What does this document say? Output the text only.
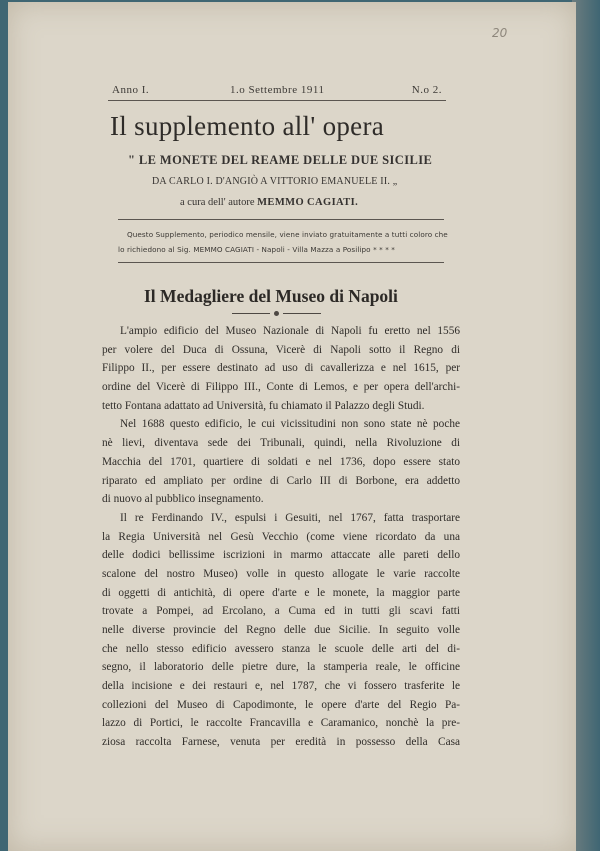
20
Anno I.	1.o Settembre 1911	N.o 2.
Il supplemento all' opera

" LE MONETE DEL REAME DELLE DUE SICILIE

DA CARLO I. D'ANGIÒ A VITTORIO EMANUELE II. „

a cura dell' autore MEMMO CAGIATI.

Questo Supplemento, periodico mensile, viene inviato gratuitamente a tutti coloro che

lo richiedono al Sig. MEMMO CAGIATI - Napoli - Villa Mazza a Posilipo * * * *

Il Medagliere del Museo di Napoli
L'ampio edificio del Museo Nazionale di Napoli fu eretto nel 1556
per volere del Duca di Ossuna, Vicerè di Napoli sotto il Regno di
Filippo II., per essere destinato ad uso di cavallerizza e nel 1615, per
ordine del Vicerè di Filippo III., Conte di Lemos, e per opera dell'archi-
tetto Fontana adattato ad Università, fu chiamato il Palazzo degli Studi.
Nel 1688 questo edificio, le cui vicissitudini non sono state nè poche
nè lievi, diventava sede dei Tribunali, quindi, nella Rivoluzione di
Macchia del 1701, quartiere di soldati e nel 1736, dopo essere stato
riparato ed ampliato per ordine di Carlo III di Borbone, era addetto
di nuovo al pubblico insegnamento.
Il re Ferdinando IV., espulsi i Gesuiti, nel 1767, fatta trasportare
la Regia Università nel Gesù Vecchio (come viene ricordato da una
delle dodici bellissime iscrizioni in marmo attaccate alle pareti dello
scalone del nostro Museo) volle in questo allogate le varie raccolte
di oggetti di antichità, di opere d'arte e le monete, la maggior parte
trovate a Pompei, ad Ercolano, a Cuma ed in tutti gli scavi fatti
nelle diverse provincie del Regno delle due Sicilie. In seguito volle
che nello stesso edificio avessero stanza le scuole delle arti del di-
segno, il laboratorio delle pietre dure, la stamperia reale, le officine
della incisione e dei restauri e, nel 1787, che vi fossero trasferite le
collezioni del Museo di Capodimonte, le opere d'arte del Regio Pa-
lazzo di Portici, le raccolte Francavilla e Caramanico, nonchè la pre-
ziosa raccolta Farnese, venuta per eredità in possesso della Casa
